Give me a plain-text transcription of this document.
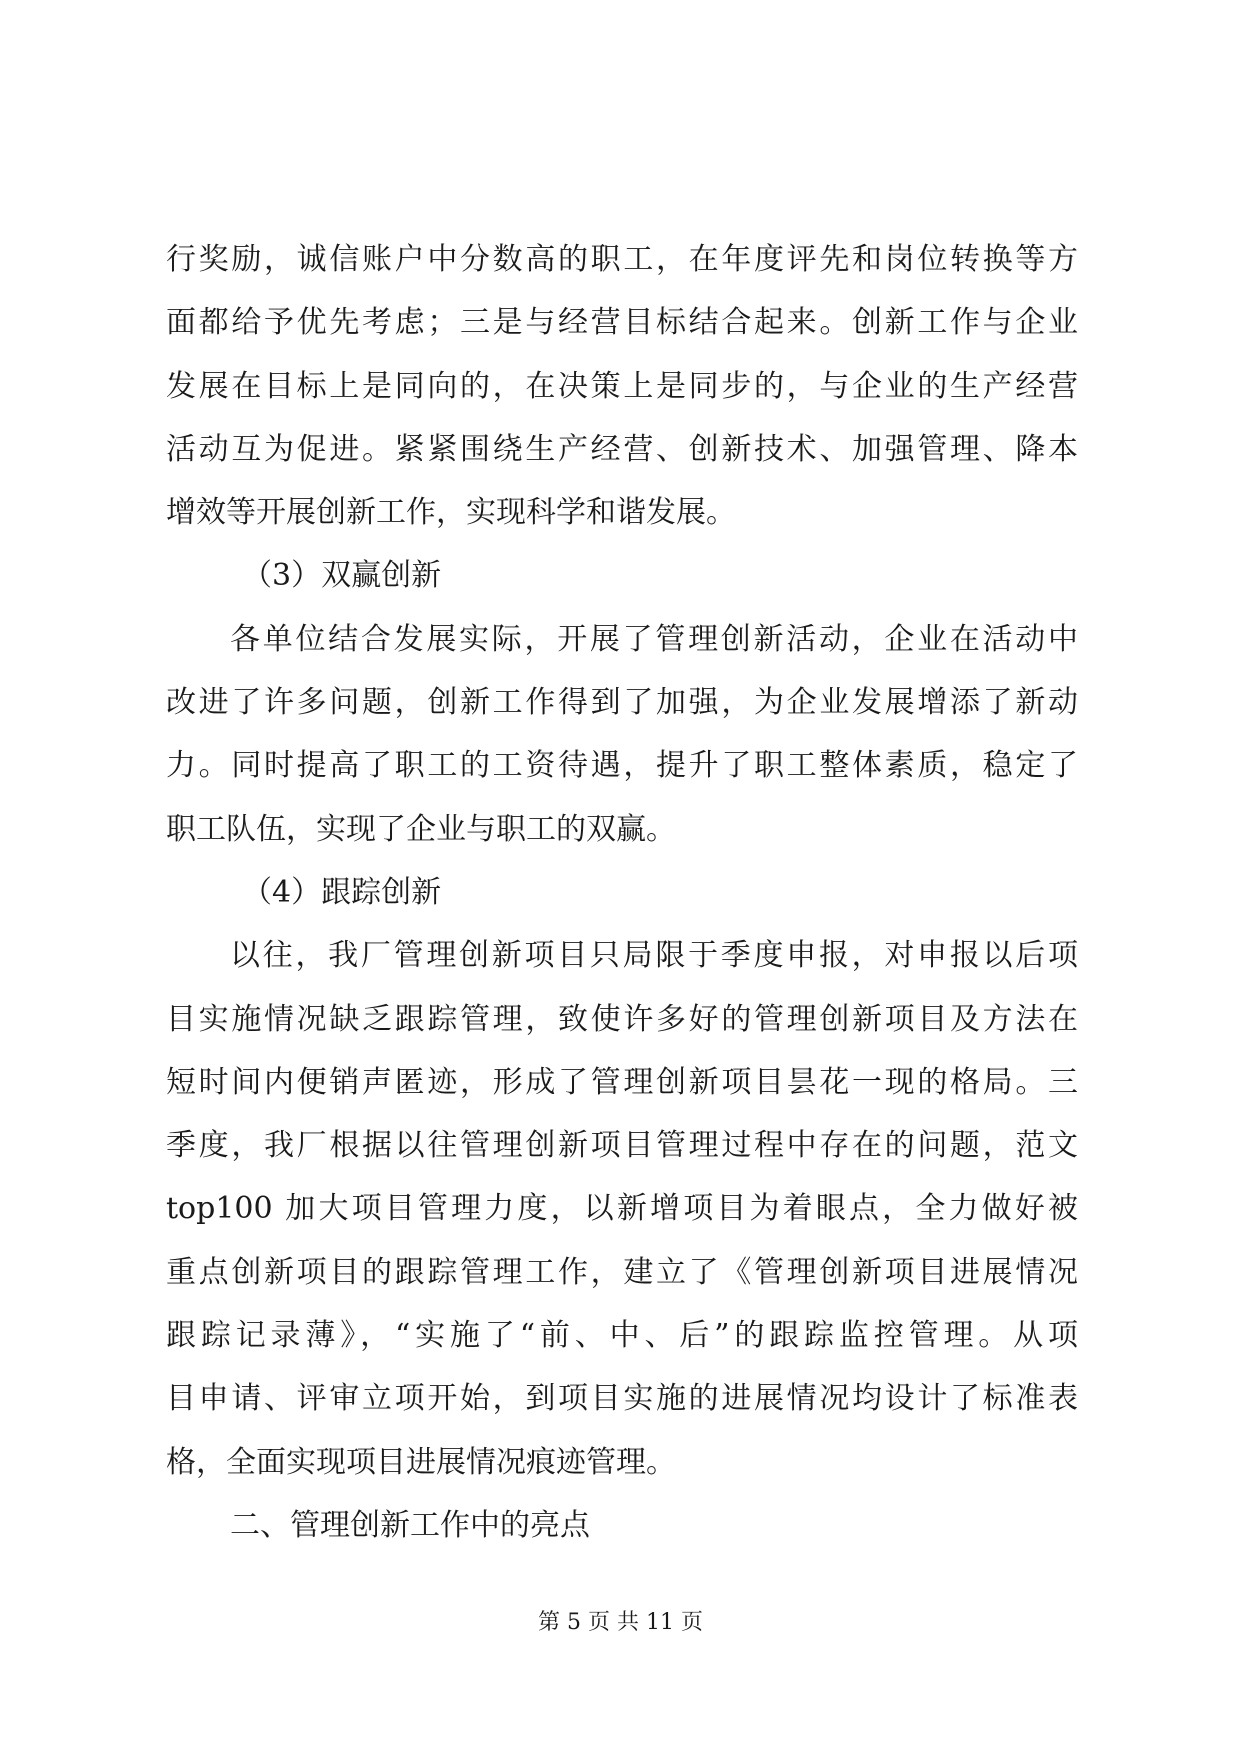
行奖励，诚信账户中分数高的职工，在年度评先和岗位转换等方
面都给予优先考虑；三是与经营目标结合起来。创新工作与企业
发展在目标上是同向的，在决策上是同步的，与企业的生产经营
活动互为促进。紧紧围绕生产经营、创新技术、加强管理、降本
增效等开展创新工作，实现科学和谐发展。
（3）双赢创新
各单位结合发展实际，开展了管理创新活动，企业在活动中
改进了许多问题，创新工作得到了加强，为企业发展增添了新动
力。同时提高了职工的工资待遇，提升了职工整体素质，稳定了
职工队伍，实现了企业与职工的双赢。
（4）跟踪创新
以往，我厂管理创新项目只局限于季度申报，对申报以后项
目实施情况缺乏跟踪管理，致使许多好的管理创新项目及方法在
短时间内便销声匿迹，形成了管理创新项目昙花一现的格局。三
季度，我厂根据以往管理创新项目管理过程中存在的问题，范文
top100 加大项目管理力度，以新增项目为着眼点，全力做好被
重点创新项目的跟踪管理工作，建立了《管理创新项目进展情况
跟踪记录薄》，“实施了“前、中、后”的跟踪监控管理。从项
目申请、评审立项开始，到项目实施的进展情况均设计了标准表
格，全面实现项目进展情况痕迹管理。
二、管理创新工作中的亮点
第 5 页 共 11 页
